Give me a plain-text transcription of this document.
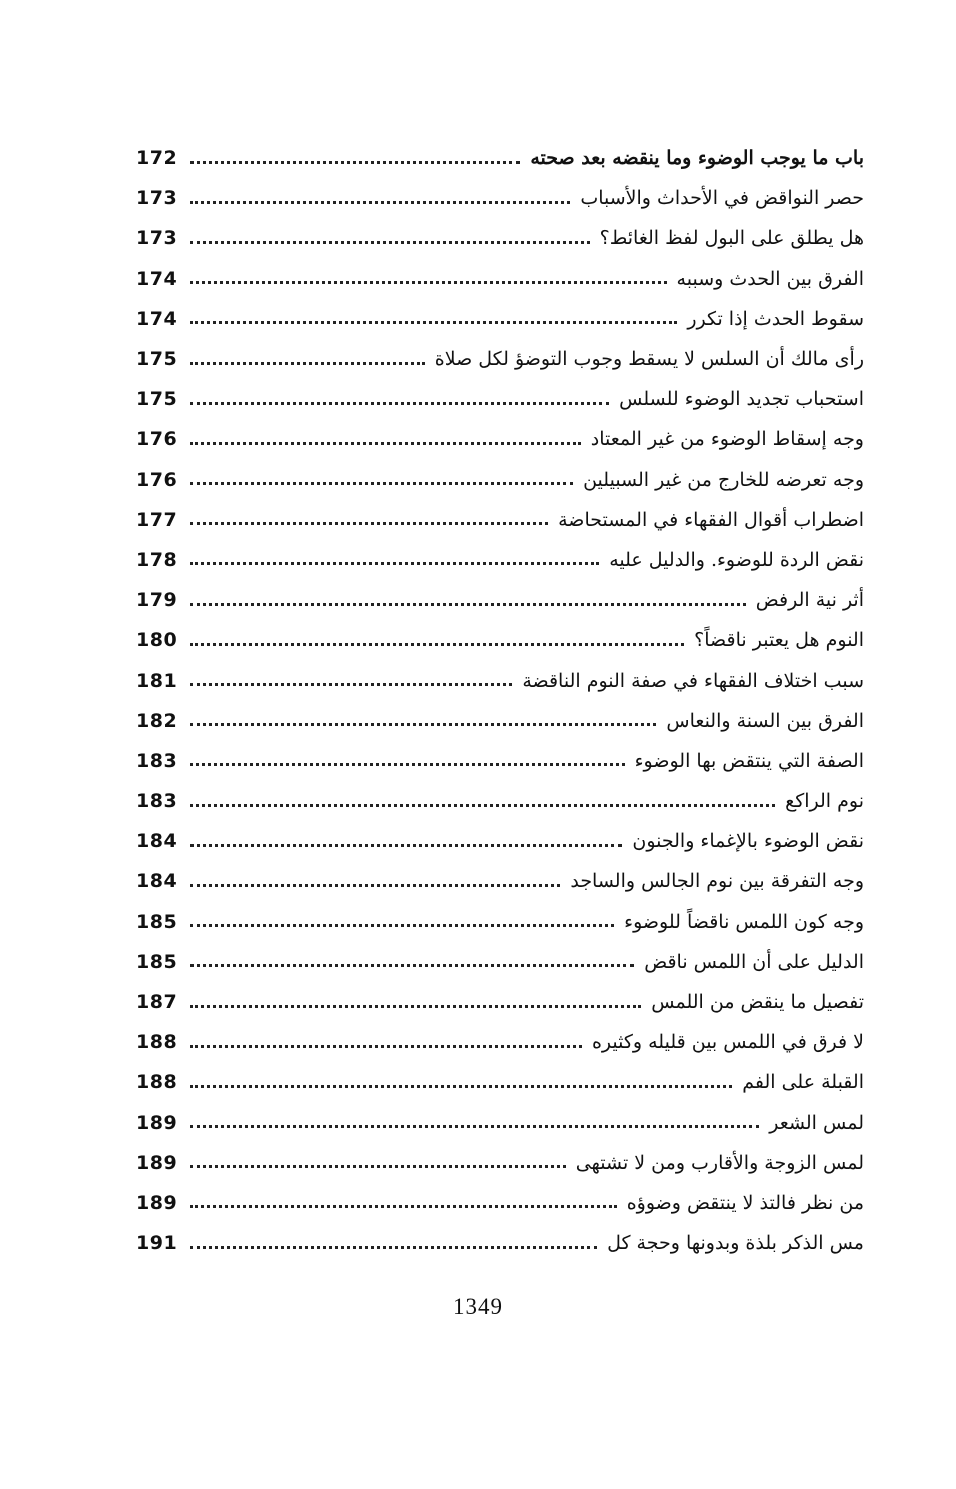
باب ما يوجب الوضوء وما ينقضه بعد صحته
172
حصر النواقض في الأحداث والأسباب
173
هل يطلق على البول لفظ الغائط؟
173
الفرق بين الحدث وسببه
174
سقوط الحدث إذا تكرر
174
رأى مالك أن السلس لا يسقط وجوب التوضؤ لكل صلاة
175
استحباب تجديد الوضوء للسلس
175
وجه إسقاط الوضوء من غير المعتاد
176
وجه تعرضه للخارج من غير السبيلين
176
اضطراب أقوال الفقهاء في المستحاضة
177
نقض الردة للوضوء. والدليل عليه
178
أثر نية الرفض
179
النوم هل يعتبر ناقضاً؟
180
سبب اختلاف الفقهاء في صفة النوم الناقضة
181
الفرق بين السنة والنعاس
182
الصفة التي ينتقض بها الوضوء
183
نوم الراكع
183
نقض الوضوء بالإغماء والجنون
184
وجه التفرقة بين نوم الجالس والساجد
184
وجه كون اللمس ناقضاً للوضوء
185
الدليل على أن اللمس ناقض
185
تفصيل ما ينقض من اللمس
187
لا فرق في اللمس بين قليله وكثيره
188
القبلة على الفم
188
لمس الشعر
189
لمس الزوجة والأقارب ومن لا تشتهى
189
من نظر فالتذ لا ينتقض وضوؤه
189
مس الذكر بلذة وبدونها وحجة كل
191
1349
